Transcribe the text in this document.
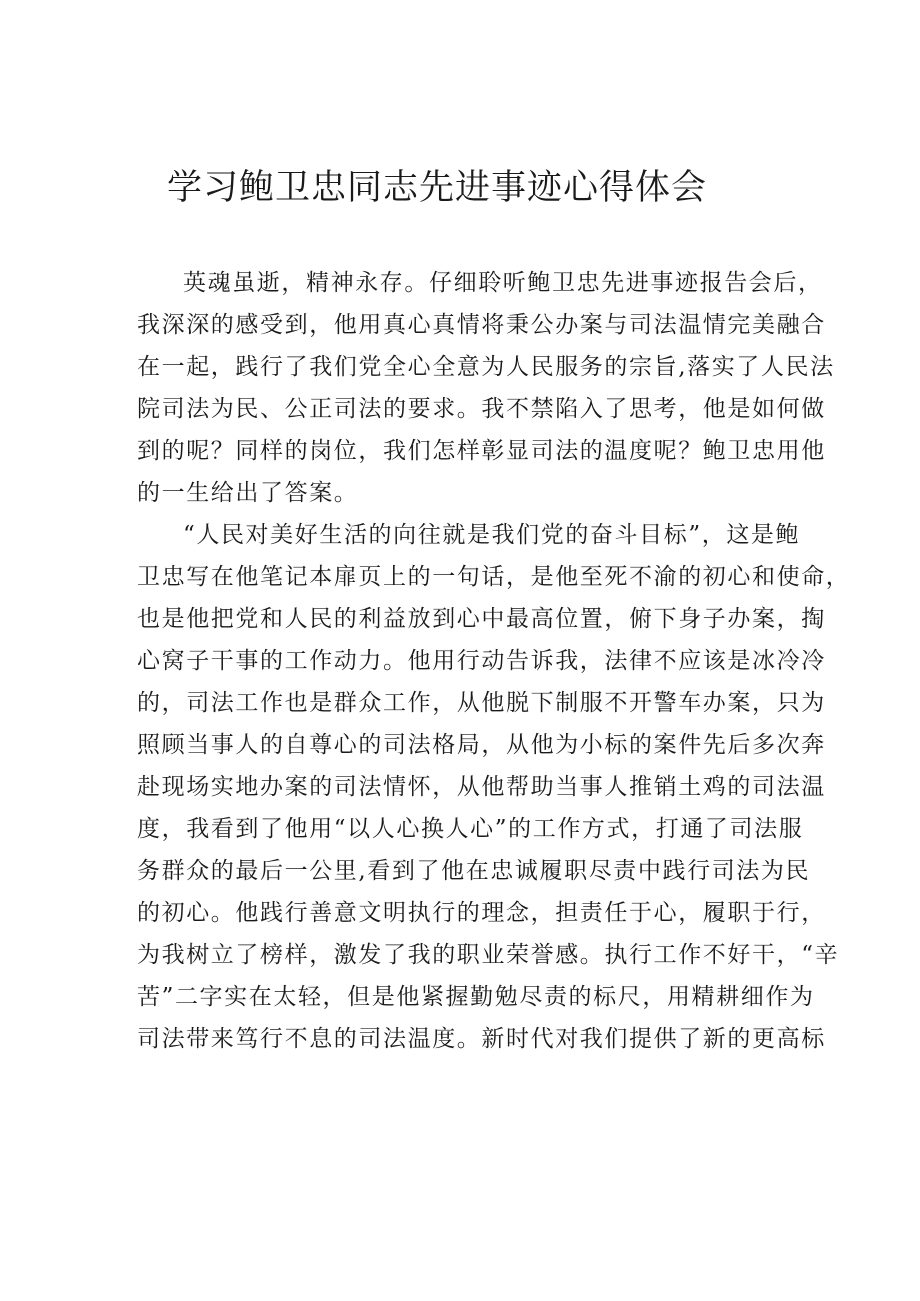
学习鲍卫忠同志先进事迹心得体会
英魂虽逝，精神永存。仔细聆听鲍卫忠先进事迹报告会后，
我深深的感受到，他用真心真情将秉公办案与司法温情完美融合
在一起，践行了我们党全心全意为人民服务的宗旨,落实了人民法
院司法为民、公正司法的要求。我不禁陷入了思考，他是如何做
到的呢？同样的岗位，我们怎样彰显司法的温度呢？鲍卫忠用他
的一生给出了答案。
“人民对美好生活的向往就是我们党的奋斗目标”，这是鲍
卫忠写在他笔记本扉页上的一句话，是他至死不渝的初心和使命，
也是他把党和人民的利益放到心中最高位置，俯下身子办案，掏
心窝子干事的工作动力。他用行动告诉我，法律不应该是冰冷冷
的，司法工作也是群众工作，从他脱下制服不开警车办案，只为
照顾当事人的自尊心的司法格局，从他为小标的案件先后多次奔
赴现场实地办案的司法情怀，从他帮助当事人推销土鸡的司法温
度，我看到了他用“以人心换人心”的工作方式，打通了司法服
务群众的最后一公里,看到了他在忠诚履职尽责中践行司法为民
的初心。他践行善意文明执行的理念，担责任于心，履职于行，
为我树立了榜样，激发了我的职业荣誉感。执行工作不好干，“辛
苦”二字实在太轻，但是他紧握勤勉尽责的标尺，用精耕细作为
司法带来笃行不息的司法温度。新时代对我们提供了新的更高标
